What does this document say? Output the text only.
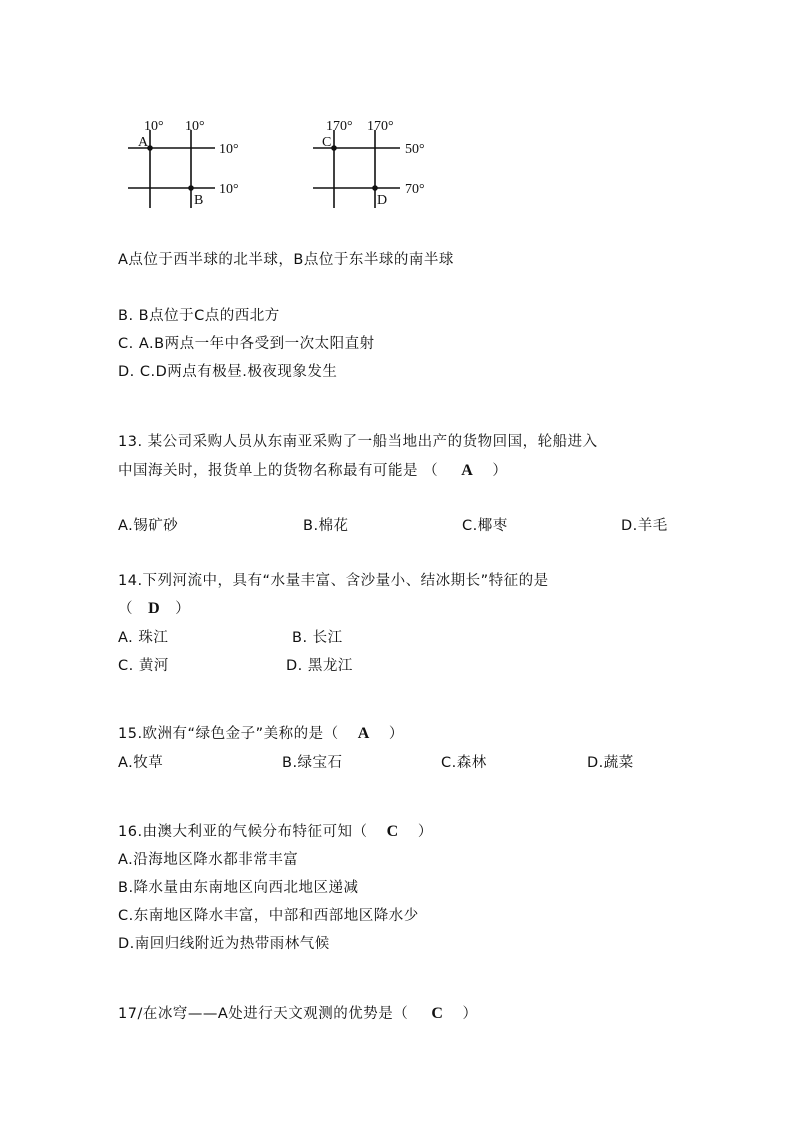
10° 10°
10°
10°
A
B
170° 170°
50°
70°
C
D
A点位于西半球的北半球，B点位于东半球的南半球
B. B点位于C点的西北方
C. A.B两点一年中各受到一次太阳直射
D. C.D两点有极昼.极夜现象发生
13. 某公司采购人员从东南亚采购了一船当地出产的货物回国，轮船进入
中国海关时，报货单上的货物名称最有可能是 （ A ）
A.锡矿砂	B.棉花	C.椰枣	D.羊毛
14.下列河流中，具有“水量丰富、含沙量小、结冰期长”特征的是
（ D ）
A. 珠江	B. 长江
C. 黄河	D. 黑龙江
15.欧洲有“绿色金子”美称的是（ A ）
A.牧草	B.绿宝石	C.森林	D.蔬菜
16.由澳大利亚的气候分布特征可知（ C ）
A.沿海地区降水都非常丰富
B.降水量由东南地区向西北地区递减
C.东南地区降水丰富，中部和西部地区降水少
D.南回归线附近为热带雨林气候
17/在冰穹——A处进行天文观测的优势是（ C ）
